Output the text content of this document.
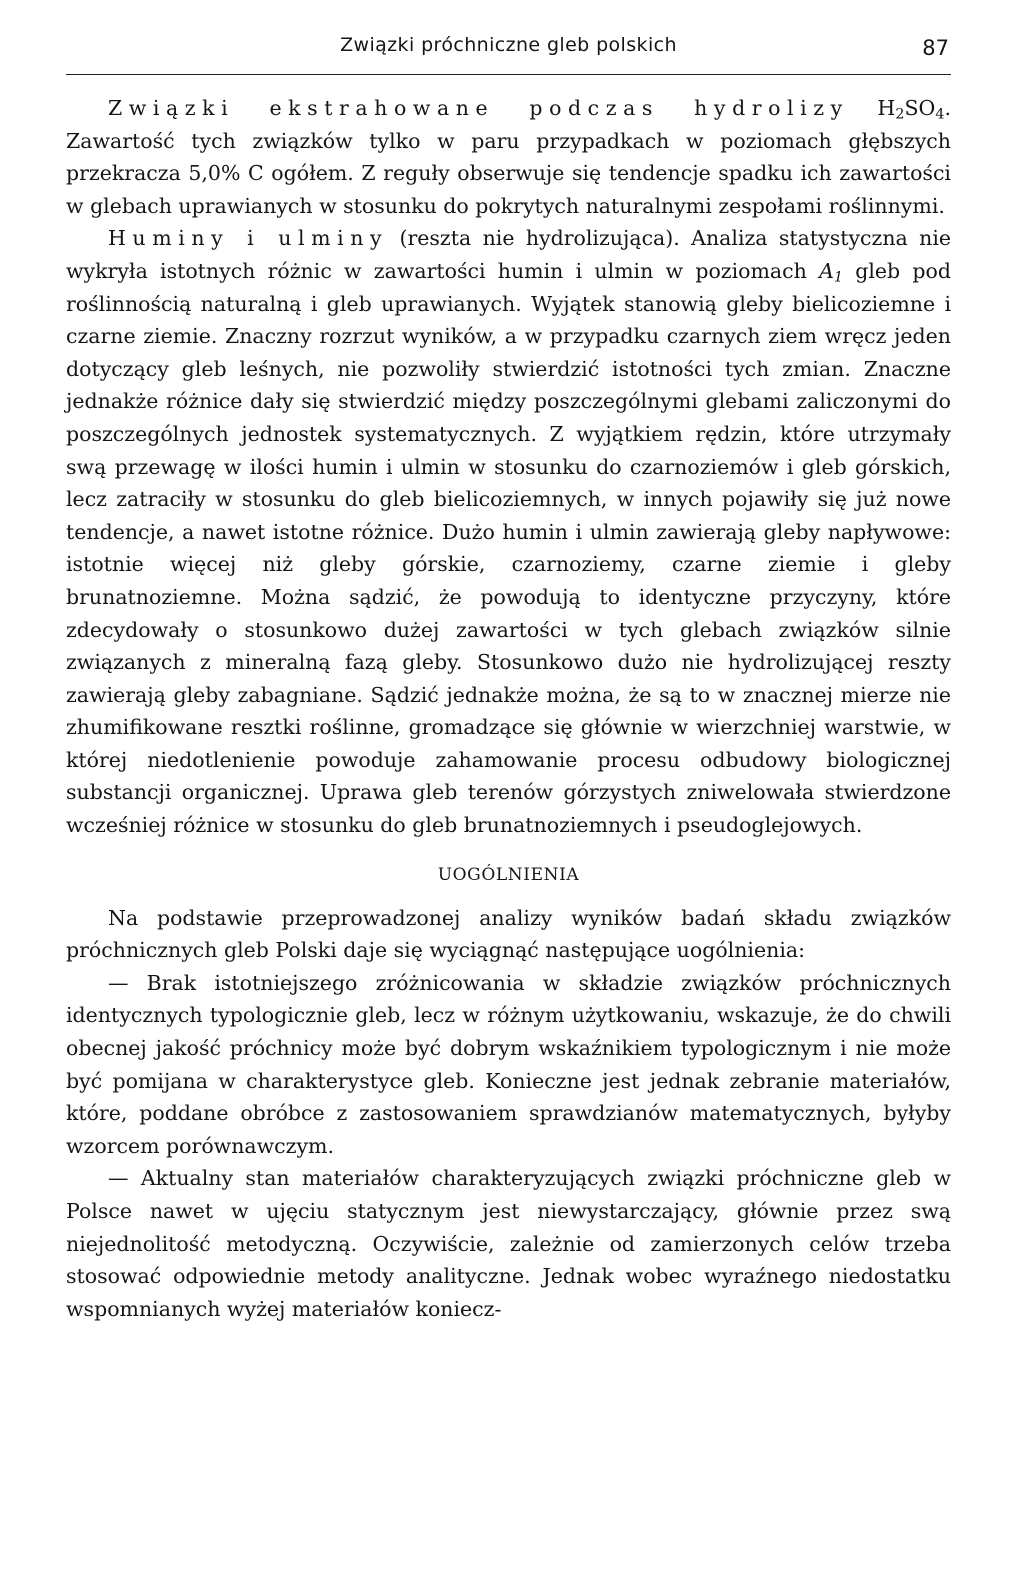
Związki próchniczne gleb polskich	87

Związki ekstrahowane podczas hydrolizy $H_2SO_4$. Zawartość tych związków tylko w paru przypadkach w poziomach głębszych przekracza 5,0% C ogółem. Z reguły obserwuje się tendencje spadku ich zawartości w glebach uprawianych w stosunku do pokrytych naturalnymi zespołami roślinnymi.

Huminy i ulminy (reszta nie hydrolizująca). Analiza statystyczna nie wykryła istotnych różnic w zawartości humin i ulmin w poziomach $A_1$ gleb pod roślinnością naturalną i gleb uprawianych. Wyjątek stanowią gleby bielicoziemne i czarne ziemie. Znaczny rozrzut wyników, a w przypadku czarnych ziem wręcz jeden dotyczący gleb leśnych, nie pozwoliły stwierdzić istotności tych zmian. Znaczne jednakże różnice dały się stwierdzić między poszczególnymi glebami zaliczonymi do poszczególnych jednostek systematycznych. Z wyjątkiem rędzin, które utrzymały swą przewagę w ilości humin i ulmin w stosunku do czarnoziemów i gleb górskich, lecz zatraciły w stosunku do gleb bielicoziemnych, w innych pojawiły się już nowe tendencje, a nawet istotne różnice. Dużo humin i ulmin zawierają gleby napływowe: istotnie więcej niż gleby górskie, czarnoziemy, czarne ziemie i gleby brunatnoziemne. Można sądzić, że powodują to identyczne przyczyny, które zdecydowały o stosunkowo dużej zawartości w tych glebach związków silnie związanych z mineralną fazą gleby. Stosunkowo dużo nie hydrolizującej reszty zawierają gleby zabagniane. Sądzić jednakże można, że są to w znacznej mierze nie zhumifikowane resztki roślinne, gromadzące się głównie w wierzchniej warstwie, w której niedotlenienie powoduje zahamowanie procesu odbudowy biologicznej substancji organicznej. Uprawa gleb terenów górzystych zniwelowała stwierdzone wcześniej różnice w stosunku do gleb brunatnoziemnych i pseudoglejowych.

UOGÓLNIENIA

Na podstawie przeprowadzonej analizy wyników badań składu związków próchnicznych gleb Polski daje się wyciągnąć następujące uogólnienia:

— Brak istotniejszego zróżnicowania w składzie związków próchnicznych identycznych typologicznie gleb, lecz w różnym użytkowaniu, wskazuje, że do chwili obecnej jakość próchnicy może być dobrym wskaźnikiem typologicznym i nie może być pomijana w charakterystyce gleb. Konieczne jest jednak zebranie materiałów, które, poddane obróbce z zastosowaniem sprawdzianów matematycznych, byłyby wzorcem porównawczym.

— Aktualny stan materiałów charakteryzujących związki próchniczne gleb w Polsce nawet w ujęciu statycznym jest niewystarczający, głównie przez swą niejednolitość metodyczną. Oczywiście, zależnie od zamierzonych celów trzeba stosować odpowiednie metody analityczne. Jednak wobec wyraźnego niedostatku wspomnianych wyżej materiałów koniecz-
